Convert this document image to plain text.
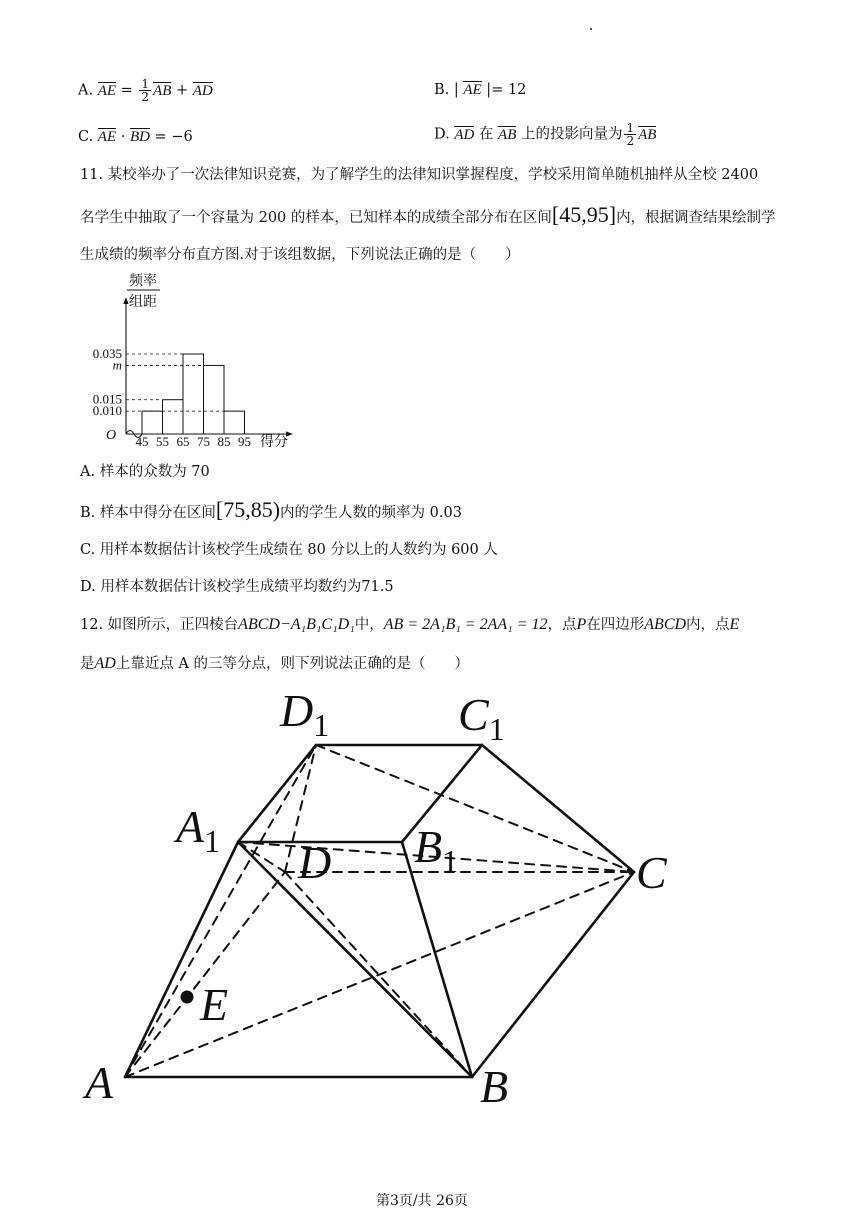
A. AE = $\frac{1}{2}$ AB + AD	B. | AE |= 12
C. AE · BD = −6	D. AD 在 AB 上的投影向量为 $\frac{1}{2}$ AB
11. 某校举办了一次法律知识竞赛，为了解学生的法律知识掌握程度，学校采用简单随机抽样从全校 2400
名学生中抽取了一个容量为 200 的样本，已知样本的成绩全部分布在区间[45,95]内，根据调查结果绘制学
生成绩的频率分布直方图.对于该组数据，下列说法正确的是（　　）
频率
组距
O	得分
0.035
m
0.015
0.010
45 55 65 75 85 95
A. 样本的众数为 70
B. 样本中得分在区间[75,85)内的学生人数的频率为 0.03
C. 用样本数据估计该校学生成绩在 80 分以上的人数约为 600 人
D. 用样本数据估计该校学生成绩平均数约为71.5
12. 如图所示，正四棱台ABCD−A₁B₁C₁D₁中，AB = 2A₁B₁ = 2AA₁ = 12，点P在四边形ABCD内，点E
是AD上靠近点 A 的三等分点，则下列说法正确的是（　　）
A	B
C
D
E
$A_1$	$B_1$
$C_1$
$D_1$
第3页/共 26页
